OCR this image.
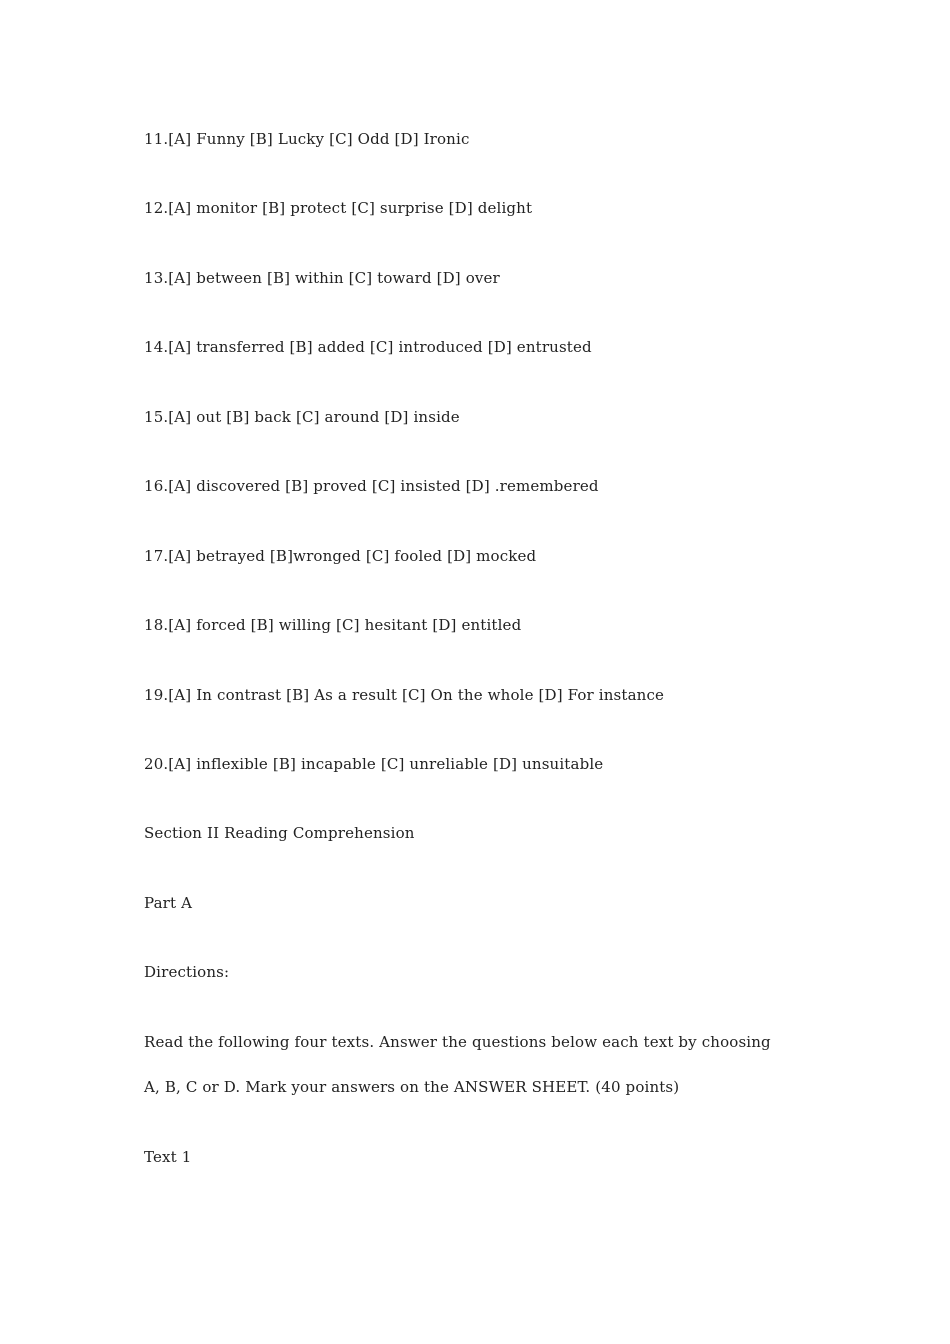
11.[A] Funny [B] Lucky [C] Odd [D] Ironic
12.[A] monitor [B] protect [C] surprise [D] delight
13.[A] between [B] within [C] toward [D] over
14.[A] transferred [B] added [C] introduced [D] entrusted
15.[A] out [B] back [C] around [D] inside
16.[A] discovered [B] proved [C] insisted [D] .remembered
17.[A] betrayed [B]wronged [C] fooled [D] mocked
18.[A] forced [B] willing [C] hesitant [D] entitled
19.[A] In contrast [B] As a result [C] On the whole [D] For instance
20.[A] inflexible [B] incapable [C] unreliable [D] unsuitable
Section II Reading Comprehension
Part A
Directions:
Read the following four texts. Answer the questions below each text by choosing
A, B, C or D. Mark your answers on the ANSWER SHEET. (40 points)
Text 1
